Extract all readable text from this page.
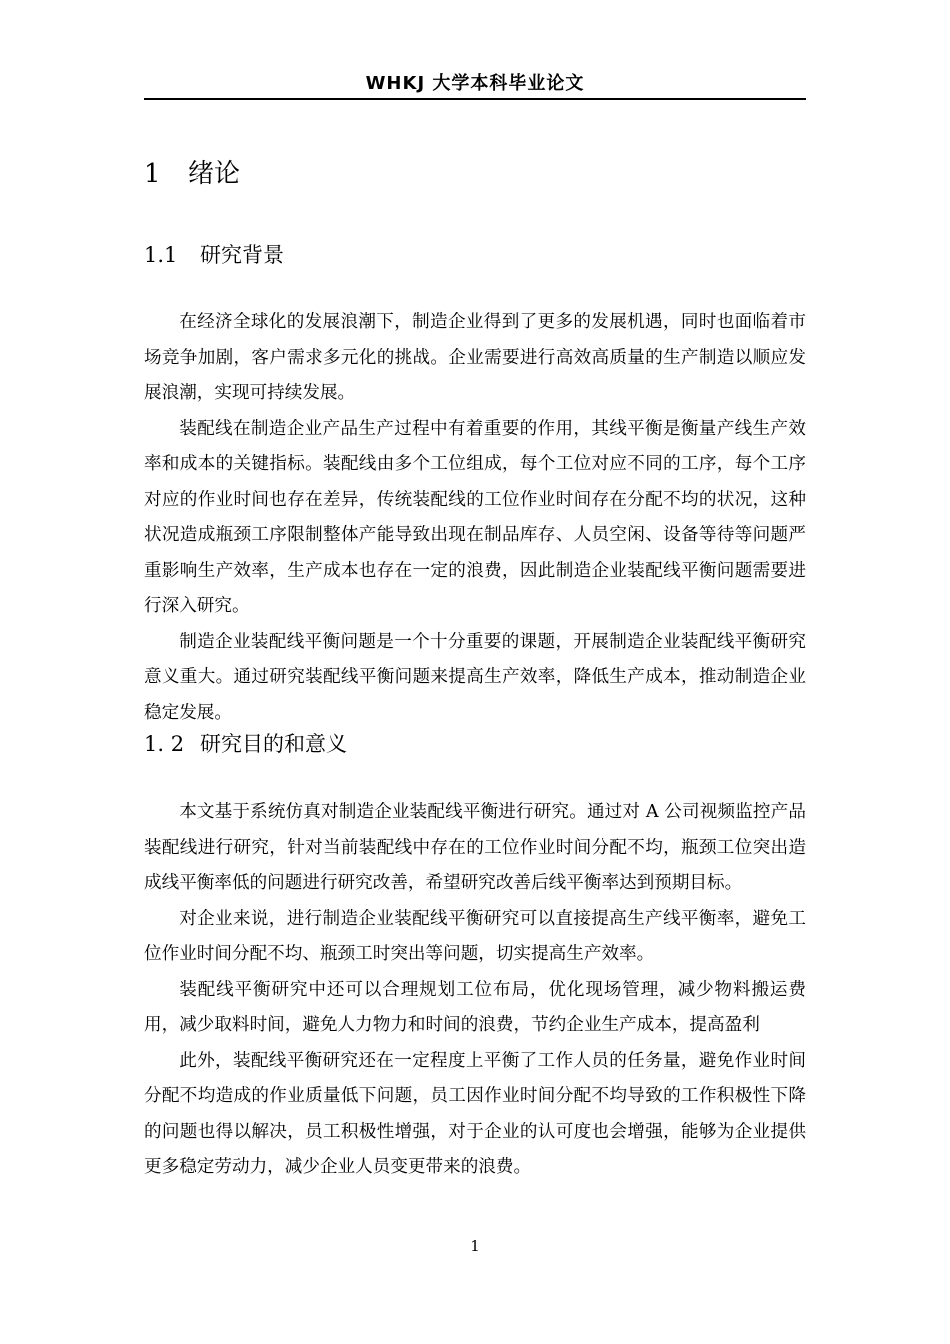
WHKJ 大学本科毕业论文
1 绪论
1.1 研究背景

在经济全球化的发展浪潮下，制造企业得到了更多的发展机遇，同时也面临着市场竞争加剧，客户需求多元化的挑战。企业需要进行高效高质量的生产制造以顺应发展浪潮，实现可持续发展。

装配线在制造企业产品生产过程中有着重要的作用，其线平衡是衡量产线生产效率和成本的关键指标。装配线由多个工位组成，每个工位对应不同的工序，每个工序对应的作业时间也存在差异，传统装配线的工位作业时间存在分配不均的状况，这种状况造成瓶颈工序限制整体产能导致出现在制品库存、人员空闲、设备等待等问题严重影响生产效率，生产成本也存在一定的浪费，因此制造企业装配线平衡问题需要进行深入研究。

制造企业装配线平衡问题是一个十分重要的课题，开展制造企业装配线平衡研究意义重大。通过研究装配线平衡问题来提高生产效率，降低生产成本，推动制造企业稳定发展。

1. 2 研究目的和意义

本文基于系统仿真对制造企业装配线平衡进行研究。通过对 A 公司视频监控产品装配线进行研究，针对当前装配线中存在的工位作业时间分配不均，瓶颈工位突出造成线平衡率低的问题进行研究改善，希望研究改善后线平衡率达到预期目标。

对企业来说，进行制造企业装配线平衡研究可以直接提高生产线平衡率，避免工位作业时间分配不均、瓶颈工时突出等问题，切实提高生产效率。

装配线平衡研究中还可以合理规划工位布局，优化现场管理，减少物料搬运费用，减少取料时间，避免人力物力和时间的浪费，节约企业生产成本，提高盈利

此外，装配线平衡研究还在一定程度上平衡了工作人员的任务量，避免作业时间分配不均造成的作业质量低下问题，员工因作业时间分配不均导致的工作积极性下降的问题也得以解决，员工积极性增强，对于企业的认可度也会增强，能够为企业提供更多稳定劳动力，减少企业人员变更带来的浪费。

1
